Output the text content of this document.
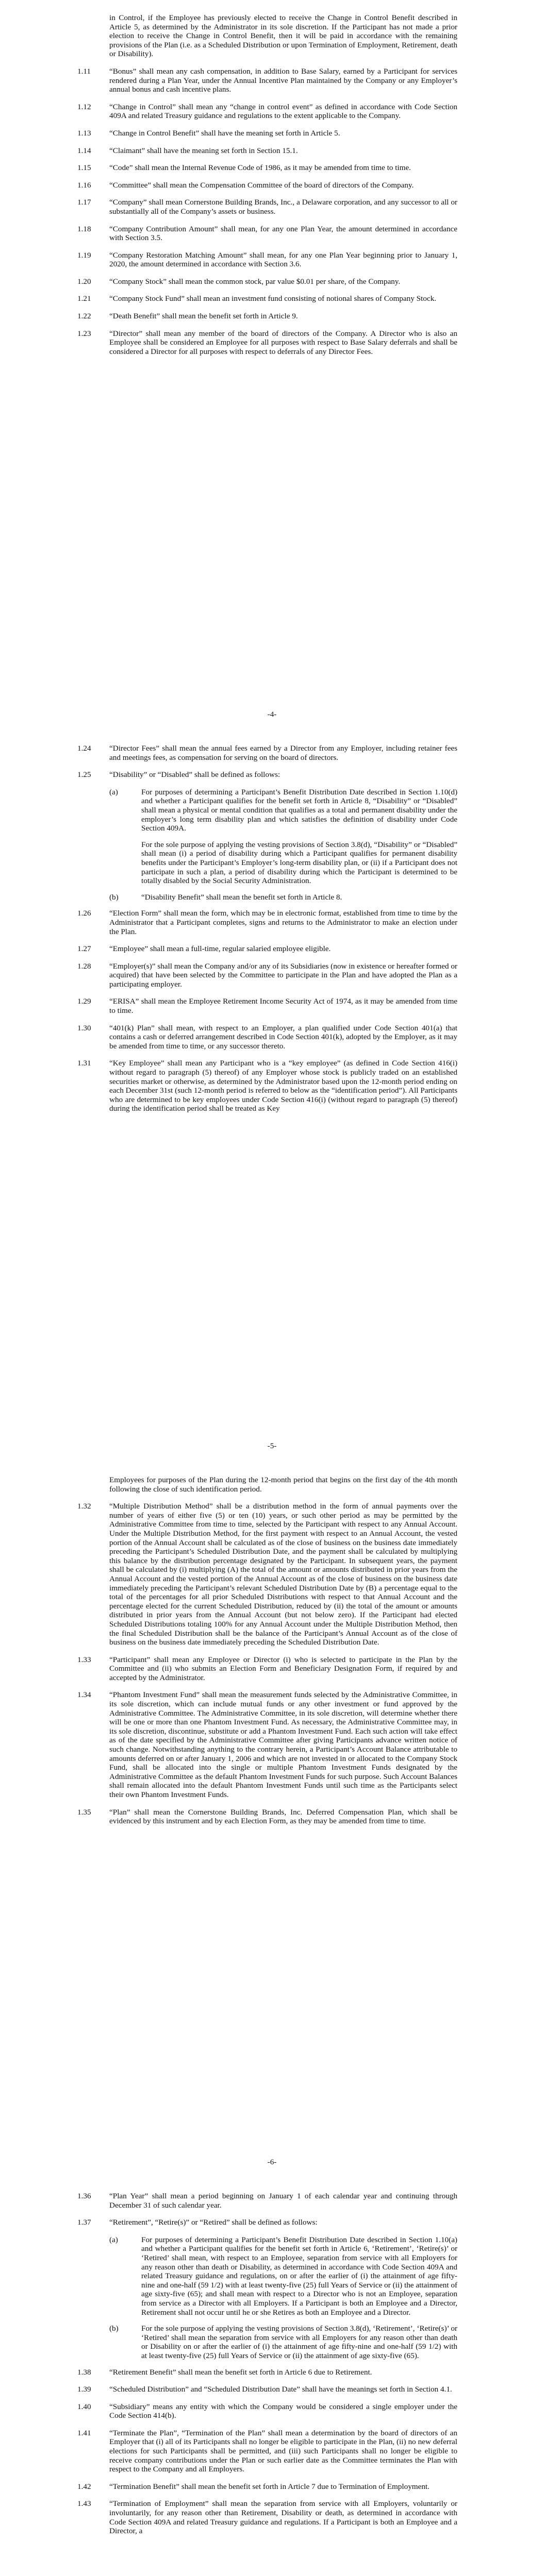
in Control, if the Employee has previously elected to receive the Change in Control Benefit described in Article 5, as determined by the Administrator in its sole discretion. If the Participant has not made a prior election to receive the Change in Control Benefit, then it will be paid in accordance with the remaining provisions of the Plan (i.e. as a Scheduled Distribution or upon Termination of Employment, Retirement, death or Disability).

1.11 “Bonus” shall mean any cash compensation, in addition to Base Salary, earned by a Participant for services rendered during a Plan Year, under the Annual Incentive Plan maintained by the Company or any Employer’s annual bonus and cash incentive plans.

1.12 “Change in Control” shall mean any “change in control event” as defined in accordance with Code Section 409A and related Treasury guidance and regulations to the extent applicable to the Company.

1.13 “Change in Control Benefit” shall have the meaning set forth in Article 5.

1.14 “Claimant” shall have the meaning set forth in Section 15.1.

1.15 “Code” shall mean the Internal Revenue Code of 1986, as it may be amended from time to time.

1.16 “Committee” shall mean the Compensation Committee of the board of directors of the Company.

1.17 “Company” shall mean Cornerstone Building Brands, Inc., a Delaware corporation, and any successor to all or substantially all of the Company’s assets or business.

1.18 “Company Contribution Amount” shall mean, for any one Plan Year, the amount determined in accordance with Section 3.5.

1.19 “Company Restoration Matching Amount” shall mean, for any one Plan Year beginning prior to January 1, 2020, the amount determined in accordance with Section 3.6.

1.20 “Company Stock” shall mean the common stock, par value $0.01 per share, of the Company.

1.21 “Company Stock Fund” shall mean an investment fund consisting of notional shares of Company Stock.

1.22 “Death Benefit” shall mean the benefit set forth in Article 9.

1.23 “Director” shall mean any member of the board of directors of the Company. A Director who is also an Employee shall be considered an Employee for all purposes with respect to Base Salary deferrals and shall be considered a Director for all purposes with respect to deferrals of any Director Fees.

-4-
1.24 “Director Fees” shall mean the annual fees earned by a Director from any Employer, including retainer fees and meetings fees, as compensation for serving on the board of directors.

1.25 “Disability” or “Disabled” shall be defined as follows:

(a)	For purposes of determining a Participant’s Benefit Distribution Date described in Section 1.10(d) and whether a Participant qualifies for the benefit set forth in Article 8, “Disability” or “Disabled” shall mean a physical or mental condition that qualifies as a total and permanent disability under the employer’s long term disability plan and which satisfies the definition of disability under Code Section 409A.

For the sole purpose of applying the vesting provisions of Section 3.8(d), “Disability” or “Disabled” shall mean (i) a period of disability during which a Participant qualifies for permanent disability benefits under the Participant’s Employer’s long-term disability plan, or (ii) if a Participant does not participate in such a plan, a period of disability during which the Participant is determined to be totally disabled by the Social Security Administration.

(b)	“Disability Benefit” shall mean the benefit set forth in Article 8.

1.26 “Election Form” shall mean the form, which may be in electronic format, established from time to time by the Administrator that a Participant completes, signs and returns to the Administrator to make an election under the Plan.

1.27 “Employee” shall mean a full-time, regular salaried employee eligible.

1.28 “Employer(s)” shall mean the Company and/or any of its Subsidiaries (now in existence or hereafter formed or acquired) that have been selected by the Committee to participate in the Plan and have adopted the Plan as a participating employer.

1.29 “ERISA” shall mean the Employee Retirement Income Security Act of 1974, as it may be amended from time to time.

1.30 “401(k) Plan” shall mean, with respect to an Employer, a plan qualified under Code Section 401(a) that contains a cash or deferred arrangement described in Code Section 401(k), adopted by the Employer, as it may be amended from time to time, or any successor thereto.

1.31 “Key Employee” shall mean any Participant who is a “key employee” (as defined in Code Section 416(i) without regard to paragraph (5) thereof) of any Employer whose stock is publicly traded on an established securities market or otherwise, as determined by the Administrator based upon the 12-month period ending on each December 31st (such 12-month period is referred to below as the “identification period”). All Participants who are determined to be key employees under Code Section 416(i) (without regard to paragraph (5) thereof) during the identification period shall be treated as Key

-5-

Employees for purposes of the Plan during the 12-month period that begins on the first day of the 4th month following the close of such identification period.

1.32 “Multiple Distribution Method” shall be a distribution method in the form of annual payments over the number of years of either five (5) or ten (10) years, or such other period as may be permitted by the Administrative Committee from time to time, selected by the Participant with respect to any Annual Account. Under the Multiple Distribution Method, for the first payment with respect to an Annual Account, the vested portion of the Annual Account shall be calculated as of the close of business on the business date immediately preceding the Participant’s Scheduled Distribution Date, and the payment shall be calculated by multiplying this balance by the distribution percentage designated by the Participant. In subsequent years, the payment shall be calculated by (i) multiplying (A) the total of the amount or amounts distributed in prior years from the Annual Account and the vested portion of the Annual Account as of the close of business on the business date immediately preceding the Participant’s relevant Scheduled Distribution Date by (B) a percentage equal to the total of the percentages for all prior Scheduled Distributions with respect to that Annual Account and the percentage elected for the current Scheduled Distribution, reduced by (ii) the total of the amount or amounts distributed in prior years from the Annual Account (but not below zero). If the Participant had elected Scheduled Distributions totaling 100% for any Annual Account under the Multiple Distribution Method, then the final Scheduled Distribution shall be the balance of the Participant’s Annual Account as of the close of business on the business date immediately preceding the Scheduled Distribution Date.

1.33 “Participant” shall mean any Employee or Director (i) who is selected to participate in the Plan by the Committee and (ii) who submits an Election Form and Beneficiary Designation Form, if required by and accepted by the Administrator.

1.34 “Phantom Investment Fund” shall mean the measurement funds selected by the Administrative Committee, in its sole discretion, which can include mutual funds or any other investment or fund approved by the Administrative Committee. The Administrative Committee, in its sole discretion, will determine whether there will be one or more than one Phantom Investment Fund. As necessary, the Administrative Committee may, in its sole discretion, discontinue, substitute or add a Phantom Investment Fund. Each such action will take effect as of the date specified by the Administrative Committee after giving Participants advance written notice of such change. Notwithstanding anything to the contrary herein, a Participant’s Account Balance attributable to amounts deferred on or after January 1, 2006 and which are not invested in or allocated to the Company Stock Fund, shall be allocated into the single or multiple Phantom Investment Funds designated by the Administrative Committee as the default Phantom Investment Funds for such purpose. Such Account Balances shall remain allocated into the default Phantom Investment Funds until such time as the Participants select their own Phantom Investment Funds.

1.35 “Plan” shall mean the Cornerstone Building Brands, Inc. Deferred Compensation Plan, which shall be evidenced by this instrument and by each Election Form, as they may be amended from time to time.

-6-
1.36 “Plan Year” shall mean a period beginning on January 1 of each calendar year and continuing through December 31 of such calendar year.

1.37 “Retirement”, “Retire(s)” or “Retired” shall be defined as follows:

(a)	For purposes of determining a Participant’s Benefit Distribution Date described in Section 1.10(a) and whether a Participant qualifies for the benefit set forth in Article 6, ‘Retirement’, ‘Retire(s)’ or ‘Retired’ shall mean, with respect to an Employee, separation from service with all Employers for any reason other than death or Disability, as determined in accordance with Code Section 409A and related Treasury guidance and regulations, on or after the earlier of (i) the attainment of age fifty-nine and one-half (59 1/2) with at least twenty-five (25) full Years of Service or (ii) the attainment of age sixty-five (65); and shall mean with respect to a Director who is not an Employee, separation from service as a Director with all Employers. If a Participant is both an Employee and a Director, Retirement shall not occur until he or she Retires as both an Employee and a Director.

(b)	For the sole purpose of applying the vesting provisions of Section 3.8(d), ‘Retirement’, ‘Retire(s)’ or ‘Retired’ shall mean the separation from service with all Employers for any reason other than death or Disability on or after the earlier of (i) the attainment of age fifty-nine and one-half (59 1/2) with at least twenty-five (25) full Years of Service or (ii) the attainment of age sixty-five (65).

1.38 “Retirement Benefit” shall mean the benefit set forth in Article 6 due to Retirement.

1.39 “Scheduled Distribution” and “Scheduled Distribution Date” shall have the meanings set forth in Section 4.1.

1.40 “Subsidiary” means any entity with which the Company would be considered a single employer under the Code Section 414(b).

1.41 “Terminate the Plan”, “Termination of the Plan” shall mean a determination by the board of directors of an Employer that (i) all of its Participants shall no longer be eligible to participate in the Plan, (ii) no new deferral elections for such Participants shall be permitted, and (iii) such Participants shall no longer be eligible to receive company contributions under the Plan or such earlier date as the Committee terminates the Plan with respect to the Company and all Employers.

1.42 “Termination Benefit” shall mean the benefit set forth in Article 7 due to Termination of Employment.

1.43 “Termination of Employment” shall mean the separation from service with all Employers, voluntarily or involuntarily, for any reason other than Retirement, Disability or death, as determined in accordance with Code Section 409A and related Treasury guidance and regulations. If a Participant is both an Employee and a Director, a
